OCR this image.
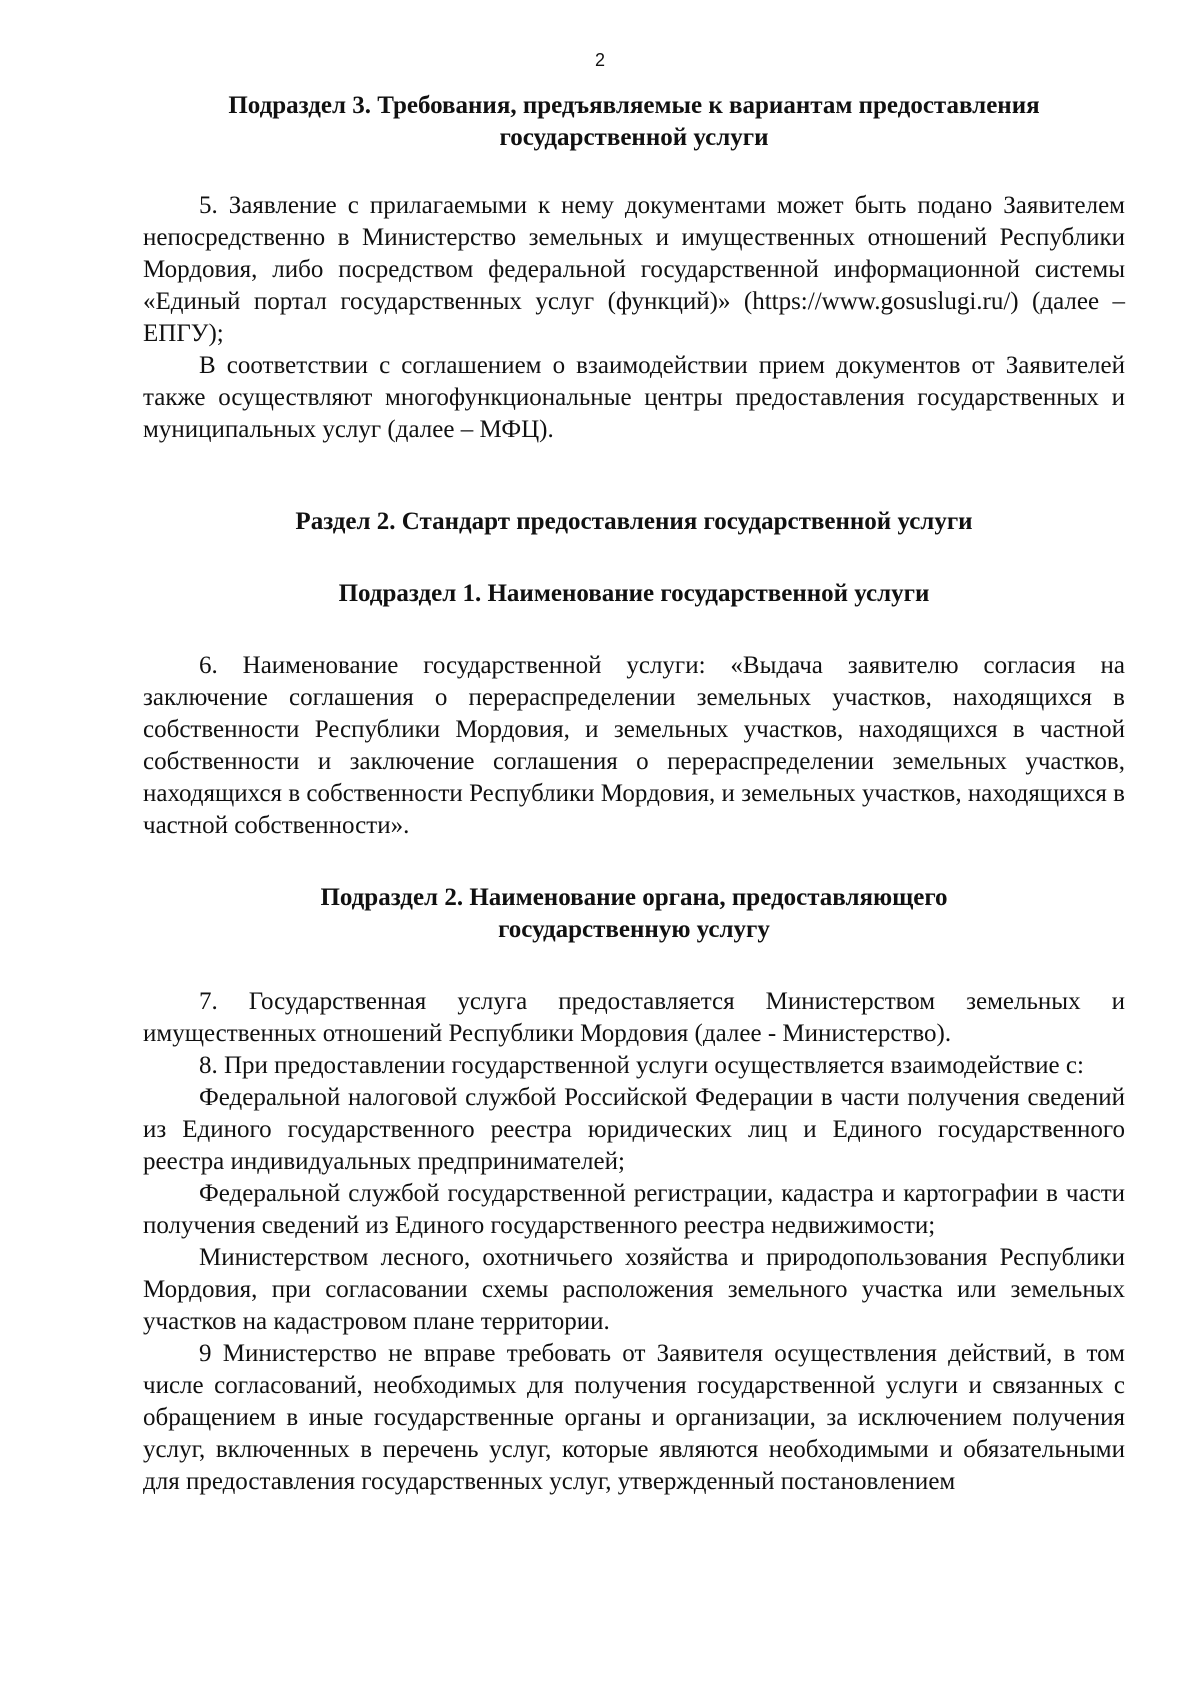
2
Подраздел 3. Требования, предъявляемые к вариантам предоставления
государственной услуги

5. Заявление с прилагаемыми к нему документами может быть подано Заявителем непосредственно в Министерство земельных и имущественных отношений Республики Мордовия, либо посредством федеральной государственной информационной системы «Единый портал государственных услуг (функций)» (https://www.gosuslugi.ru/) (далее – ЕПГУ);

В соответствии с соглашением о взаимодействии прием документов от Заявителей также осуществляют многофункциональные центры предоставления государственных и муниципальных услуг (далее – МФЦ).

Раздел 2. Стандарт предоставления государственной услуги
Подраздел 1. Наименование государственной услуги

6. Наименование государственной услуги: «Выдача заявителю согласия на заключение соглашения о перераспределении земельных участков, находящихся в собственности Республики Мордовия, и земельных участков, находящихся в частной собственности и заключение соглашения о перераспределении земельных участков, находящихся в собственности Республики Мордовия, и земельных участков, находящихся в частной собственности».

Подраздел 2. Наименование органа, предоставляющего
государственную услугу

7. Государственная услуга предоставляется Министерством земельных и имущественных отношений Республики Мордовия (далее - Министерство).

8. При предоставлении государственной услуги осуществляется взаимодействие с:

Федеральной налоговой службой Российской Федерации в части получения сведений из Единого государственного реестра юридических лиц и Единого государственного реестра индивидуальных предпринимателей;

Федеральной службой государственной регистрации, кадастра и картографии в части получения сведений из Единого государственного реестра недвижимости;

Министерством лесного, охотничьего хозяйства и природопользования Республики Мордовия, при согласовании схемы расположения земельного участка или земельных участков на кадастровом плане территории.

9 Министерство не вправе требовать от Заявителя осуществления действий, в том числе согласований, необходимых для получения государственной услуги и связанных с обращением в иные государственные органы и организации, за исключением получения услуг, включенных в перечень услуг, которые являются необходимыми и обязательными для предоставления государственных услуг, утвержденный постановлением
